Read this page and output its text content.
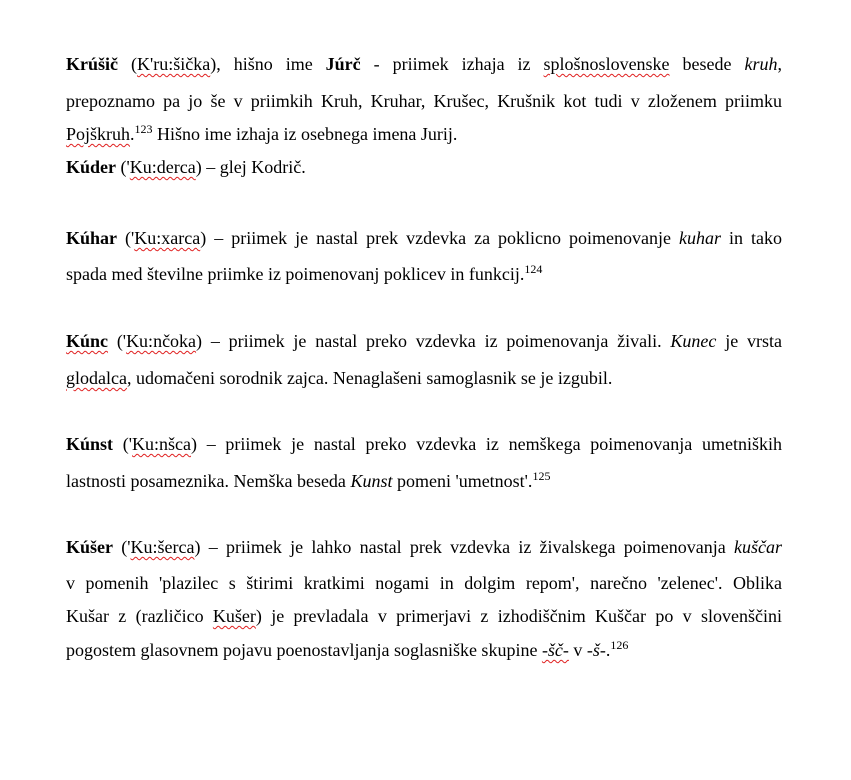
Krúšič (K'ru:šička), hišno ime Júrč - priimek izhaja iz splošnoslovenske besede kruh,
prepoznamo pa jo še v priimkih Kruh, Kruhar, Krušec, Krušnik kot tudi v zloženem priimku
Pojškruh.$^{123}$ Hišno ime izhaja iz osebnega imena Jurij.
Kúder ('Ku:derca) – glej Kodrič.
Kúhar ('Ku:xarca) – priimek je nastal prek vzdevka za poklicno poimenovanje kuhar in tako
spada med številne priimke iz poimenovanj poklicev in funkcij.$^{124}$
Kúnc ('Ku:nčoka) – priimek je nastal preko vzdevka iz poimenovanja živali. Kunec je vrsta
glodalca, udomačeni sorodnik zajca. Nenaglašeni samoglasnik se je izgubil.
Kúnst ('Ku:nšca) – priimek je nastal preko vzdevka iz nemškega poimenovanja umetniških
lastnosti posameznika. Nemška beseda Kunst pomeni 'umetnost'.$^{125}$
Kúšer ('Ku:šerca) – priimek je lahko nastal prek vzdevka iz živalskega poimenovanja kuščar
v pomenih 'plazilec s štirimi kratkimi nogami in dolgim repom', narečno 'zelenec'. Oblika
Kušar z (različico Kušer) je prevladala v primerjavi z izhodiščnim Kuščar po v slovenščini
pogostem glasovnem pojavu poenostavljanja soglasniške skupine -šč- v -š-.$^{126}$
